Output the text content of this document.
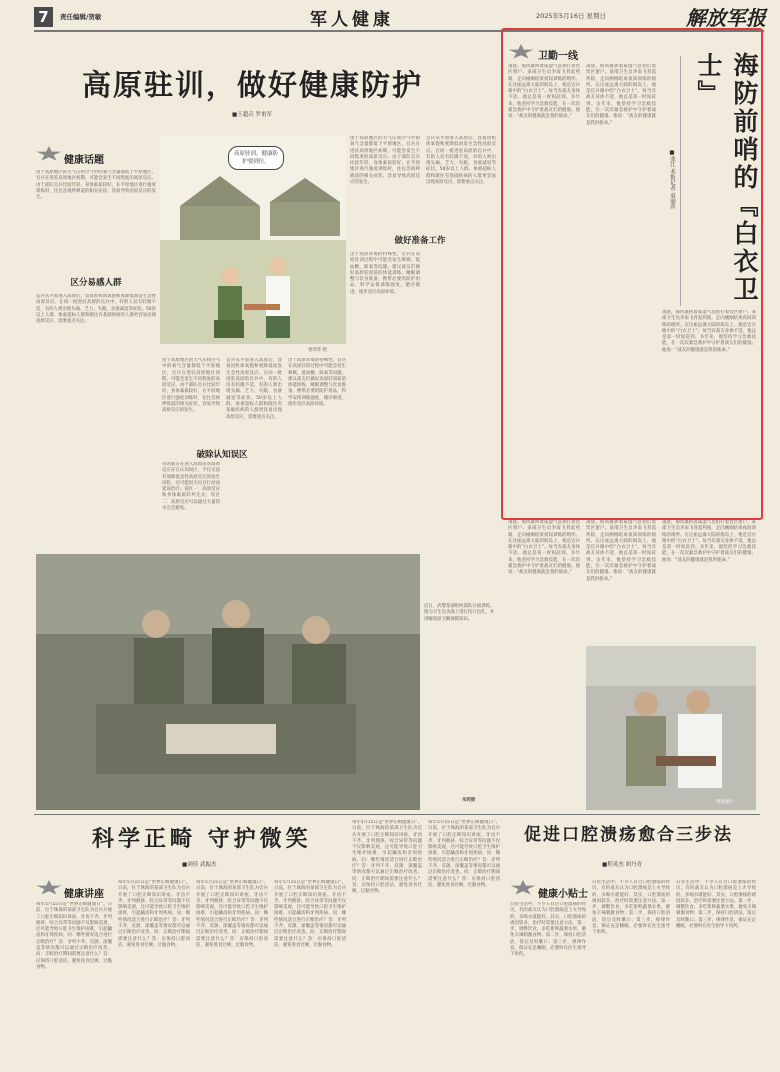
7	责任编辑/贺敏	军人健康	2025年5月16日 星期日	解放军报
高原驻训，做好健康防护
■王超垚 罗甫军
健康话题
由于高原地区的大气压和空气中的氧气含量都低于平原地区，官兵在进驻高原地区初期，可能会发生不同程度的高原反应。由于部队官兵比较年轻、身体素质较好，在平原地区进行强度训练时，往往忽视呼吸道的相关症状，容易导致高原反应的发生。
区分易感人群
官兵从平原进入高原后，容易因机体氧饱和度降低而发生急性高原反应。在同一批进驻高原的官兵中，有的人仅有轻微不适，有的人则出现头痛、乏力、失眠、食欲减退等症状。50岁以上人群、体重超标人群和既往有基础疾病的人群更容易出现高原反应，需要重点关注。
高原驻训，健康防护要到位。
曾伟华 绘
由于高原地区的大气压和空气中的氧气含量都低于平原地区，官兵在进驻高原地区初期，可能会发生不同程度的高原反应。由于部队官兵比较年轻、身体素质较好，在平原地区进行强度训练时，往往忽视呼吸道的相关症状，容易导致高原反应的发生。
破除认知误区
有的战友在进入高原前对高原反应存在认知误区，不仅无法有效降低急性高原反应的发生风险，还可能因为盲目行动而延误治疗。误区一：高原反应和身体素质好坏无关；误区二：高原反应可以通过大量饮水完全避免。
官兵从平原进入高原后，容易因机体氧饱和度降低而发生急性高原反应。在同一批进驻高原的官兵中，有的人仅有轻微不适，有的人则出现头痛、乏力、失眠、食欲减退等症状。50岁以上人群、体重超标人群和既往有基础疾病的人群更容易出现高原反应，需要重点关注。
出于高原环境的特殊性，官兵在高原驻训过程中可能会发生晕厥、低血糖、缺氧等问题。建议战友们做好高原驻训前的体能训练、睡眠调整与饮食准备，携带必要的防护用品，科学安排训练强度，循序渐进，逐步适应高原环境。
由于高原地区的大气压和空气中的氧气含量都低于平原地区，官兵在进驻高原地区初期，可能会发生不同程度的高原反应。由于部队官兵比较年轻、身体素质较好，在平原地区进行强度训练时，往往忽视呼吸道的相关症状，容易导致高原反应的发生。
做好准备工作
出于高原环境的特殊性，官兵在高原驻训过程中可能会发生晕厥、低血糖、缺氧等问题。建议战友们做好高原驻训前的体能训练、睡眠调整与饮食准备，携带必要的防护用品，科学安排训练强度，循序渐进，逐步适应高原环境。
官兵从平原进入高原后，容易因机体氧饱和度降低而发生急性高原反应。在同一批进驻高原的官兵中，有的人仅有轻微不适，有的人则出现头痛、乏力、失眠、食欲减退等症状。50岁以上人群、体重超标人群和既往有基础疾病的人群更容易出现高原反应，需要重点关注。
近日，武警某部组织部队开展训练。图为卫生员为战士进行伤口包扎，并讲解高原卫勤保障知识。
朱晖摄
卫勤一线
凌晨，海风裹挟着咸湿气息拍打着营区窗户。某部卫生员李南飞背起药箱，走向刚刚结束夜间训练的哨所。在这座远离大陆的海岛上，他是官兵眼中的“白衣卫士”。每当有战友身体不适，他总是第一时间赶到。多年来，他坚持学习急救技能，在一次次紧急救护中守护着战友们的健康。他说：“战友的健康就是我的使命。”
凌晨，海风裹挟着咸湿气息拍打着营区窗户。某部卫生员李南飞背起药箱，走向刚刚结束夜间训练的哨所。在这座远离大陆的海岛上，他是官兵眼中的“白衣卫士”。每当有战友身体不适，他总是第一时间赶到。多年来，他坚持学习急救技能，在一次次紧急救护中守护着战友们的健康。他说：“战友的健康就是我的使命。”	海防前哨的『白衣卫士』
■张江 本报记者 袁丽萍
凌晨，海风裹挟着咸湿气息拍打着营区窗户。某部卫生员李南飞背起药箱，走向刚刚结束夜间训练的哨所。在这座远离大陆的海岛上，他是官兵眼中的“白衣卫士”。每当有战友身体不适，他总是第一时间赶到。多年来，他坚持学习急救技能，在一次次紧急救护中守护着战友们的健康。他说：“战友的健康就是我的使命。”
凌晨，海风裹挟着咸湿气息拍打着营区窗户。某部卫生员李南飞背起药箱，走向刚刚结束夜间训练的哨所。在这座远离大陆的海岛上，他是官兵眼中的“白衣卫士”。每当有战友身体不适，他总是第一时间赶到。多年来，他坚持学习急救技能，在一次次紧急救护中守护着战友们的健康。他说：“战友的健康就是我的使命。”
凌晨，海风裹挟着咸湿气息拍打着营区窗户。某部卫生员李南飞背起药箱，走向刚刚结束夜间训练的哨所。在这座远离大陆的海岛上，他是官兵眼中的“白衣卫士”。每当有战友身体不适，他总是第一时间赶到。多年来，他坚持学习急救技能，在一次次紧急救护中守护着战友们的健康。他说：“战友的健康就是我的使命。”
凌晨，海风裹挟着咸湿气息拍打着营区窗户。某部卫生员李南飞背起药箱，走向刚刚结束夜间训练的哨所。在这座远离大陆的海岛上，他是官兵眼中的“白衣卫士”。每当有战友身体不适，他总是第一时间赶到。多年来，他坚持学习急救技能，在一次次紧急救护中守护着战友们的健康。他说：“战友的健康就是我的使命。”
现场图片
科学正畸 守护微笑
■刘佳 武振杰
健康讲座
每年5月15日是“世界正畸健康日”。日前，位于珠海的某部卫生队为官兵开展了口腔正畸知识讲座。牙齿不齐、牙列拥挤、咬合异常等问题不仅影响美观，还可能导致口腔卫生维护困难，引起龋齿和牙周疾病。问：哪些情况适合进行正畸治疗？答：牙列不齐、反颌、深覆盖等情况都可以通过正畸治疗改善。问：正畸治疗期间需要注意什么？答：应保持口腔清洁，避免进食过硬、过黏食物。
每年5月15日是“世界正畸健康日”。日前，位于珠海的某部卫生队为官兵开展了口腔正畸知识讲座。牙齿不齐、牙列拥挤、咬合异常等问题不仅影响美观，还可能导致口腔卫生维护困难，引起龋齿和牙周疾病。问：哪些情况适合进行正畸治疗？答：牙列不齐、反颌、深覆盖等情况都可以通过正畸治疗改善。问：正畸治疗期间需要注意什么？答：应保持口腔清洁，避免进食过硬、过黏食物。
每年5月15日是“世界正畸健康日”。日前，位于珠海的某部卫生队为官兵开展了口腔正畸知识讲座。牙齿不齐、牙列拥挤、咬合异常等问题不仅影响美观，还可能导致口腔卫生维护困难，引起龋齿和牙周疾病。问：哪些情况适合进行正畸治疗？答：牙列不齐、反颌、深覆盖等情况都可以通过正畸治疗改善。问：正畸治疗期间需要注意什么？答：应保持口腔清洁，避免进食过硬、过黏食物。
每年5月15日是“世界正畸健康日”。日前，位于珠海的某部卫生队为官兵开展了口腔正畸知识讲座。牙齿不齐、牙列拥挤、咬合异常等问题不仅影响美观，还可能导致口腔卫生维护困难，引起龋齿和牙周疾病。问：哪些情况适合进行正畸治疗？答：牙列不齐、反颌、深覆盖等情况都可以通过正畸治疗改善。问：正畸治疗期间需要注意什么？答：应保持口腔清洁，避免进食过硬、过黏食物。
每年5月15日是“世界正畸健康日”。日前，位于珠海的某部卫生队为官兵开展了口腔正畸知识讲座。牙齿不齐、牙列拥挤、咬合异常等问题不仅影响美观，还可能导致口腔卫生维护困难，引起龋齿和牙周疾病。问：哪些情况适合进行正畸治疗？答：牙列不齐、反颌、深覆盖等情况都可以通过正畸治疗改善。问：正畸治疗期间需要注意什么？答：应保持口腔清洁，避免进食过硬、过黏食物。
每年5月15日是“世界正畸健康日”。日前，位于珠海的某部卫生队为官兵开展了口腔正畸知识讲座。牙齿不齐、牙列拥挤、咬合异常等问题不仅影响美观，还可能导致口腔卫生维护困难，引起龋齿和牙周疾病。问：哪些情况适合进行正畸治疗？答：牙列不齐、反颌、深覆盖等情况都可以通过正畸治疗改善。问：正畸治疗期间需要注意什么？答：应保持口腔清洁，避免进食过硬、过黏食物。
促进口腔溃疡愈合三步法
■程英杰 胡丹青
健康小贴士
日常生活中，不少人有过口腔溃疡的经历。有的战友认为口腔溃疡是上火导致的，多喝水就能好。其实，口腔溃疡的诱因较多，治疗时需要注意方法。第一步，调整饮食，多吃新鲜蔬菜水果，避免辛辣刺激食物；第二步，保持口腔清洁，饭后及时漱口；第三步，规律作息，保证充足睡眠，必要时在医生指导下用药。
日常生活中，不少人有过口腔溃疡的经历。有的战友认为口腔溃疡是上火导致的，多喝水就能好。其实，口腔溃疡的诱因较多，治疗时需要注意方法。第一步，调整饮食，多吃新鲜蔬菜水果，避免辛辣刺激食物；第二步，保持口腔清洁，饭后及时漱口；第三步，规律作息，保证充足睡眠，必要时在医生指导下用药。
日常生活中，不少人有过口腔溃疡的经历。有的战友认为口腔溃疡是上火导致的，多喝水就能好。其实，口腔溃疡的诱因较多，治疗时需要注意方法。第一步，调整饮食，多吃新鲜蔬菜水果，避免辛辣刺激食物；第二步，保持口腔清洁，饭后及时漱口；第三步，规律作息，保证充足睡眠，必要时在医生指导下用药。
